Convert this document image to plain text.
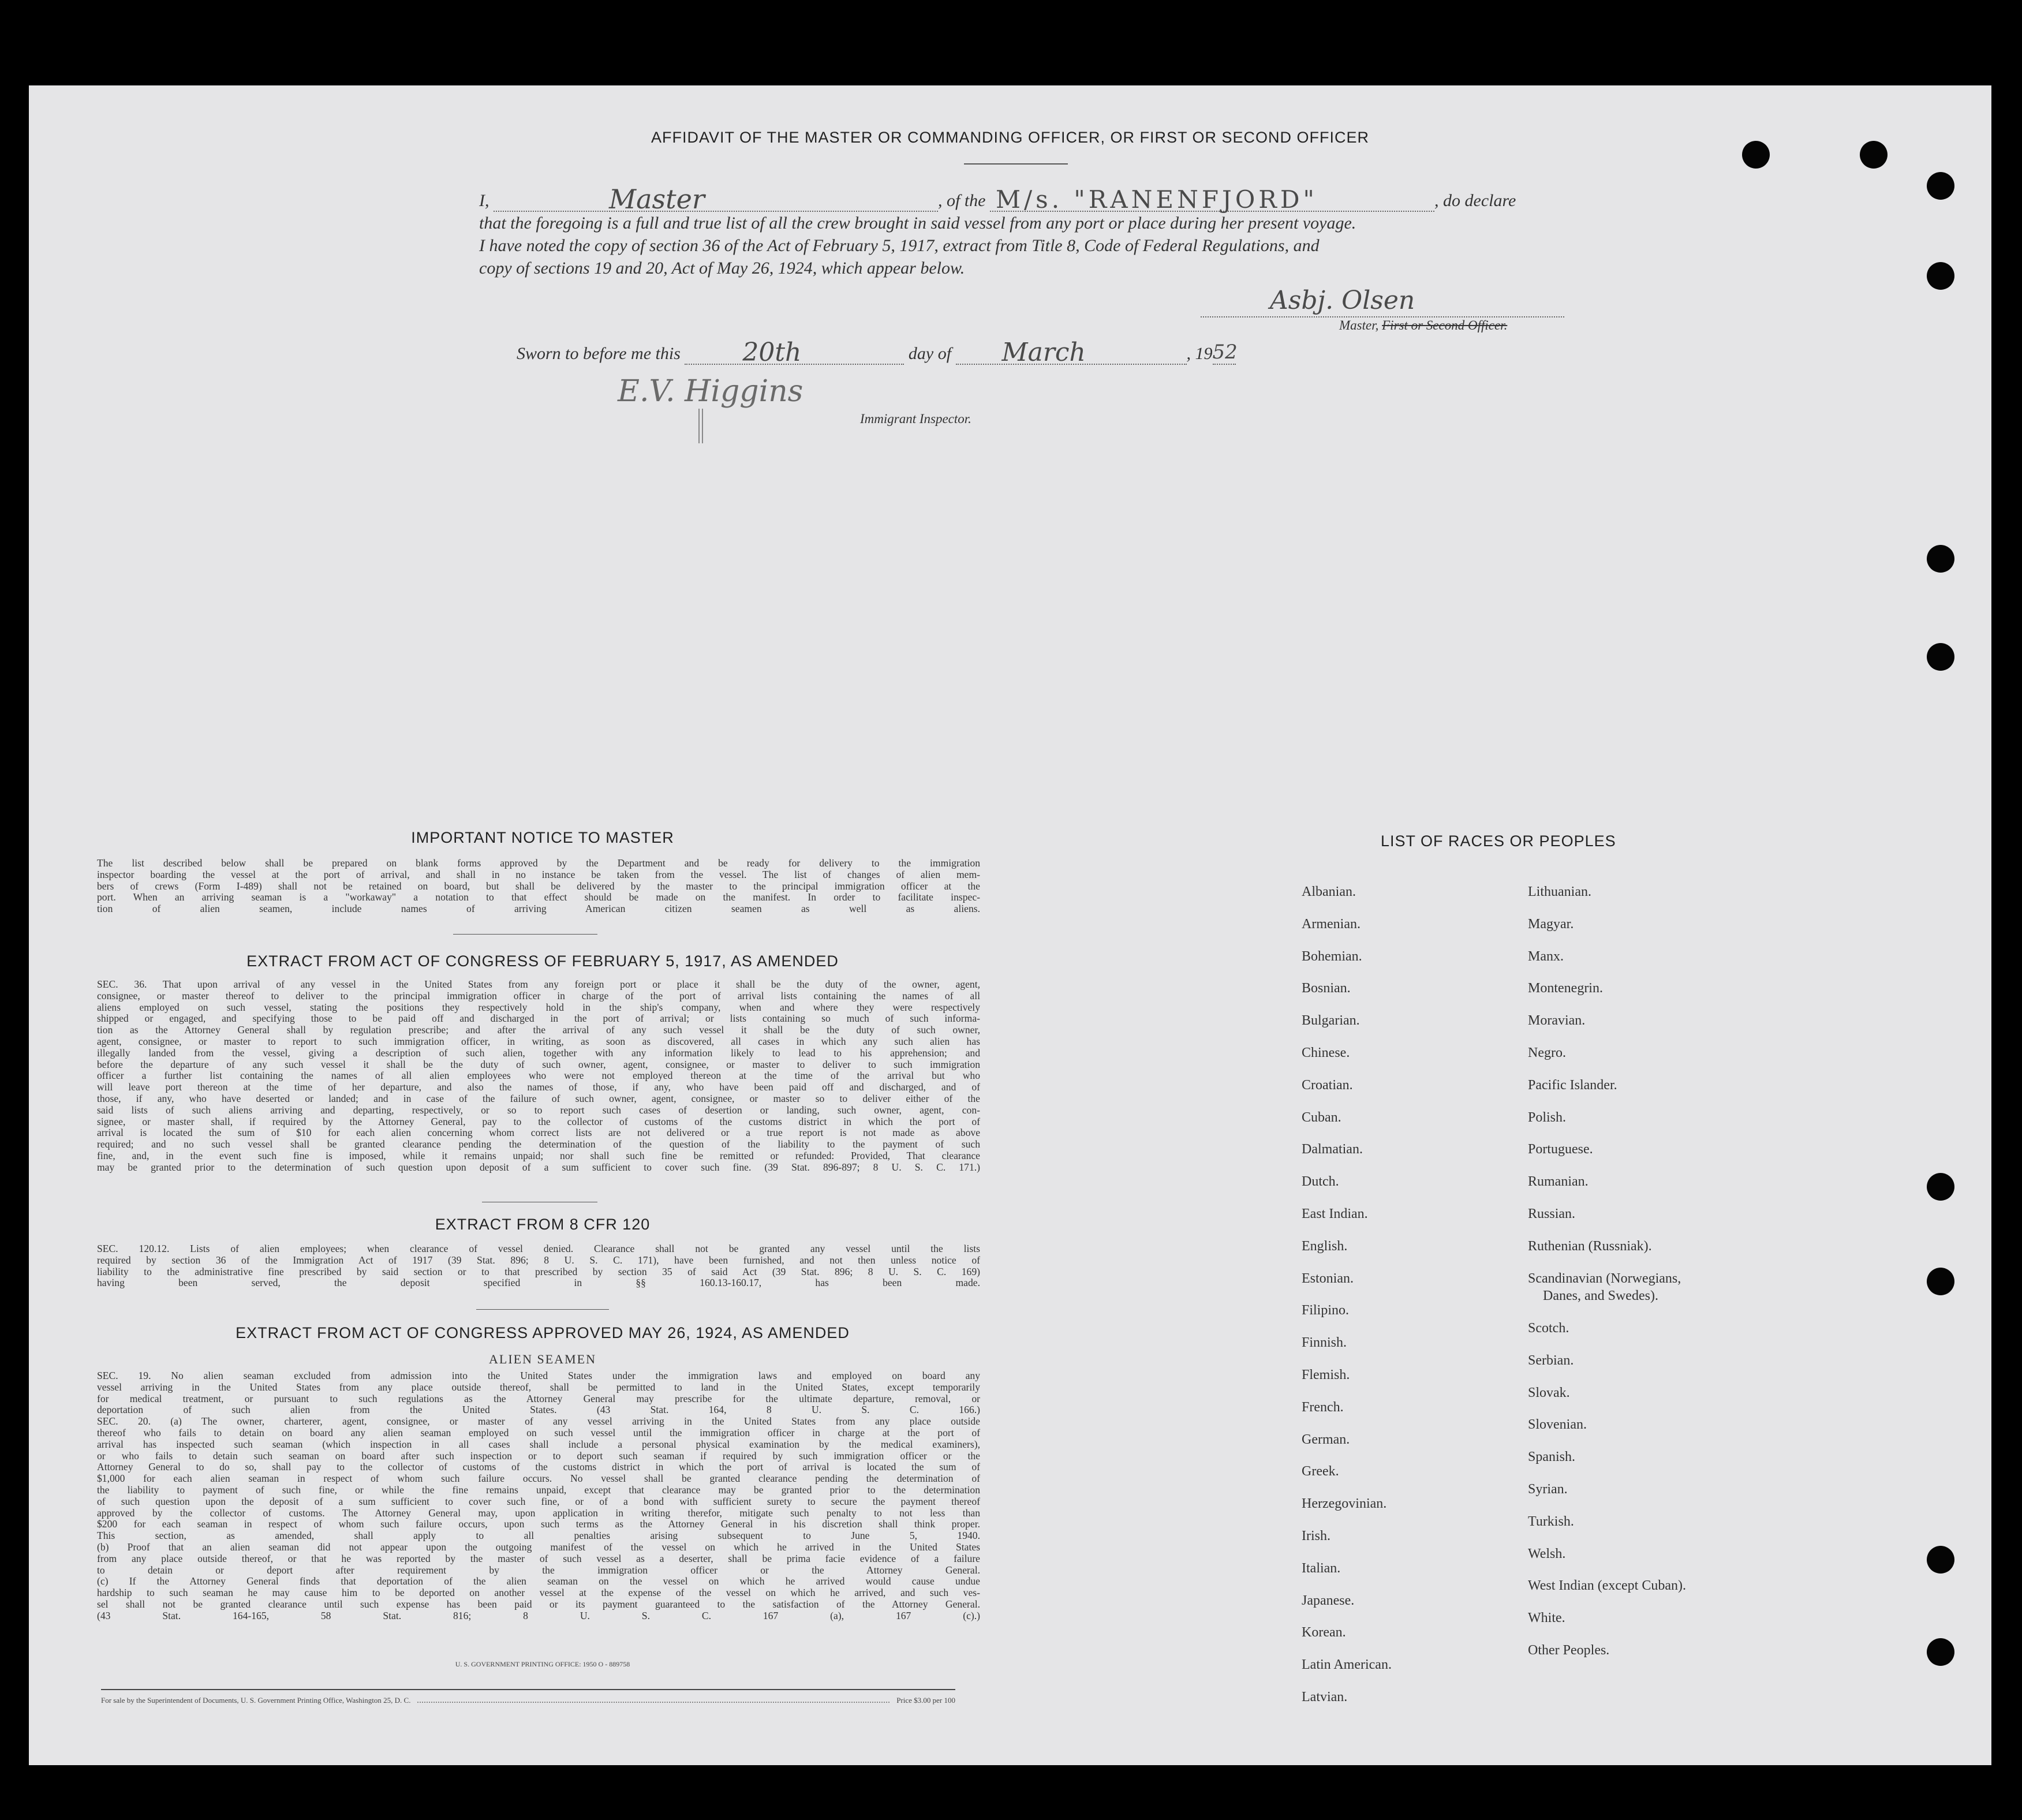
AFFIDAVIT OF THE MASTER OR COMMANDING OFFICER, OR FIRST OR SECOND OFFICER
I,	Master	, of the M/s. "RANENFJORD"	, do declare
that the foregoing is a full and true list of all the crew brought in said vessel from any port or place during her present voyage.
I have noted the copy of section 36 of the Act of February 5, 1917, extract from Title 8, Code of Federal Regulations, and
copy of sections 19 and 20, Act of May 26, 1924, which appear below.
Asbj. Olsen
Master, First or Second Officer.
Sworn to before me this 20th	day of March	, 19 52
E.V. Higgins
Immigrant Inspector.
IMPORTANT NOTICE TO MASTER
The list described below shall be prepared on blank forms approved by the Department and be ready for delivery to the immigration
inspector boarding the vessel at the port of arrival, and shall in no instance be taken from the vessel. The list of changes of alien mem-
bers of crews (Form I-489) shall not be retained on board, but shall be delivered by the master to the principal immigration officer at the
port. When an arriving seaman is a "workaway" a notation to that effect should be made on the manifest. In order to facilitate inspec-
tion of alien seamen, include names of arriving American citizen seamen as well as aliens.
EXTRACT FROM ACT OF CONGRESS OF FEBRUARY 5, 1917, AS AMENDED
SEC. 36. That upon arrival of any vessel in the United States from any foreign port or place it shall be the duty of the owner, agent,
consignee, or master thereof to deliver to the principal immigration officer in charge of the port of arrival lists containing the names of all
aliens employed on such vessel, stating the positions they respectively hold in the ship's company, when and where they were respectively
shipped or engaged, and specifying those to be paid off and discharged in the port of arrival; or lists containing so much of such informa-
tion as the Attorney General shall by regulation prescribe; and after the arrival of any such vessel it shall be the duty of such owner,
agent, consignee, or master to report to such immigration officer, in writing, as soon as discovered, all cases in which any such alien has
illegally landed from the vessel, giving a description of such alien, together with any information likely to lead to his apprehension; and
before the departure of any such vessel it shall be the duty of such owner, agent, consignee, or master to deliver to such immigration
officer a further list containing the names of all alien employees who were not employed thereon at the time of the arrival but who
will leave port thereon at the time of her departure, and also the names of those, if any, who have been paid off and discharged, and of
those, if any, who have deserted or landed; and in case of the failure of such owner, agent, consignee, or master so to deliver either of the
said lists of such aliens arriving and departing, respectively, or so to report such cases of desertion or landing, such owner, agent, con-
signee, or master shall, if required by the Attorney General, pay to the collector of customs of the customs district in which the port of
arrival is located the sum of $10 for each alien concerning whom correct lists are not delivered or a true report is not made as above
required; and no such vessel shall be granted clearance pending the determination of the question of the liability to the payment of such
fine, and, in the event such fine is imposed, while it remains unpaid; nor shall such fine be remitted or refunded: Provided, That clearance
may be granted prior to the determination of such question upon deposit of a sum sufficient to cover such fine. (39 Stat. 896-897; 8 U. S. C. 171.)
EXTRACT FROM 8 CFR 120
SEC. 120.12. Lists of alien employees; when clearance of vessel denied. Clearance shall not be granted any vessel until the lists
required by section 36 of the Immigration Act of 1917 (39 Stat. 896; 8 U. S. C. 171), have been furnished, and not then unless notice of
liability to the administrative fine prescribed by said section or to that prescribed by section 35 of said Act (39 Stat. 896; 8 U. S. C. 169)
having been served, the deposit specified in §§ 160.13-160.17, has been made.
EXTRACT FROM ACT OF CONGRESS APPROVED MAY 26, 1924, AS AMENDED
ALIEN SEAMEN
SEC. 19. No alien seaman excluded from admission into the United States under the immigration laws and employed on board any
vessel arriving in the United States from any place outside thereof, shall be permitted to land in the United States, except temporarily
for medical treatment, or pursuant to such regulations as the Attorney General may prescribe for the ultimate departure, removal, or
deportation of such alien from the United States. (43 Stat. 164, 8 U. S. C. 166.)
SEC. 20. (a) The owner, charterer, agent, consignee, or master of any vessel arriving in the United States from any place outside
thereof who fails to detain on board any alien seaman employed on such vessel until the immigration officer in charge at the port of
arrival has inspected such seaman (which inspection in all cases shall include a personal physical examination by the medical examiners),
or who fails to detain such seaman on board after such inspection or to deport such seaman if required by such immigration officer or the
Attorney General to do so, shall pay to the collector of customs of the customs district in which the port of arrival is located the sum of
$1,000 for each alien seaman in respect of whom such failure occurs. No vessel shall be granted clearance pending the determination of
the liability to payment of such fine, or while the fine remains unpaid, except that clearance may be granted prior to the determination
of such question upon the deposit of a sum sufficient to cover such fine, or of a bond with sufficient surety to secure the payment thereof
approved by the collector of customs. The Attorney General may, upon application in writing therefor, mitigate such penalty to not less than
$200 for each seaman in respect of whom such failure occurs, upon such terms as the Attorney General in his discretion shall think proper.
This section, as amended, shall apply to all penalties arising subsequent to June 5, 1940.
(b) Proof that an alien seaman did not appear upon the outgoing manifest of the vessel on which he arrived in the United States
from any place outside thereof, or that he was reported by the master of such vessel as a deserter, shall be prima facie evidence of a failure
to detain or deport after requirement by the immigration officer or the Attorney General.
(c) If the Attorney General finds that deportation of the alien seaman on the vessel on which he arrived would cause undue
hardship to such seaman he may cause him to be deported on another vessel at the expense of the vessel on which he arrived, and such ves-
sel shall not be granted clearance until such expense has been paid or its payment guaranteed to the satisfaction of the Attorney General.
(43 Stat. 164-165, 58 Stat. 816; 8 U. S. C. 167 (a), 167 (c).)
U. S. GOVERNMENT PRINTING OFFICE: 1950 O - 889758
For sale by the Superintendent of Documents, U. S. Government Printing Office, Washington 25, D. C.	Price $3.00 per 100
LIST OF RACES OR PEOPLES
Albanian.
Armenian.
Bohemian.
Bosnian.
Bulgarian.
Chinese.
Croatian.
Cuban.
Dalmatian.
Dutch.
East Indian.
English.
Estonian.
Filipino.
Finnish.
Flemish.
French.
German.
Greek.
Herzegovinian.
Irish.
Italian.
Japanese.
Korean.
Latin American.
Latvian.
Lithuanian.
Magyar.
Manx.
Montenegrin.
Moravian.
Negro.
Pacific Islander.
Polish.
Portuguese.
Rumanian.
Russian.
Ruthenian (Russniak).
Scandinavian (Norwegians,
Danes, and Swedes).
Scotch.
Serbian.
Slovak.
Slovenian.
Spanish.
Syrian.
Turkish.
Welsh.
West Indian (except Cuban).
White.
Other Peoples.
